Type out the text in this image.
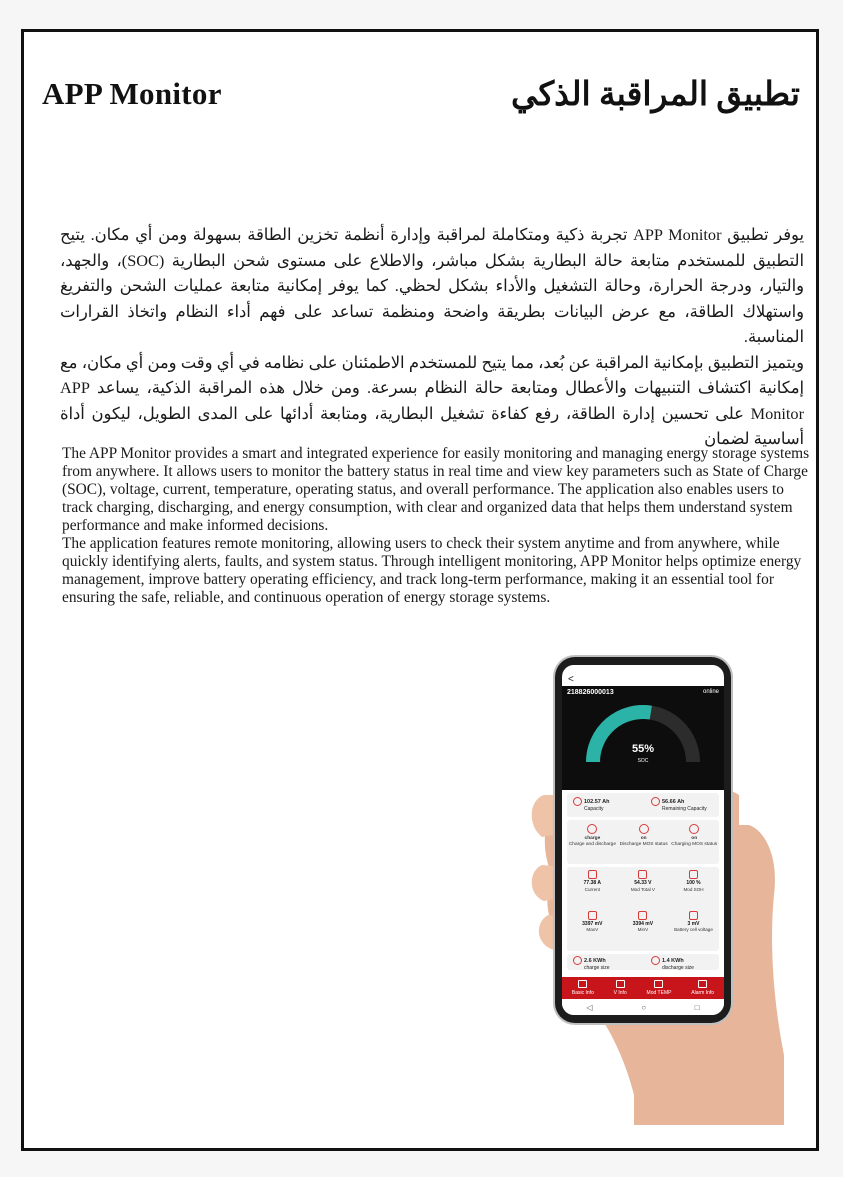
APP Monitor	تطبيق المراقبة الذكي

يوفر تطبيق APP Monitor تجربة ذكية ومتكاملة لمراقبة وإدارة أنظمة تخزين الطاقة بسهولة ومن أي مكان. يتيح التطبيق للمستخدم متابعة حالة البطارية بشكل مباشر، والاطلاع على مستوى شحن البطارية (SOC)، والجهد، والتيار، ودرجة الحرارة، وحالة التشغيل والأداء بشكل لحظي. كما يوفر إمكانية متابعة عمليات الشحن والتفريغ واستهلاك الطاقة، مع عرض البيانات بطريقة واضحة ومنظمة تساعد على فهم أداء النظام واتخاذ القرارات المناسبة.

ويتميز التطبيق بإمكانية المراقبة عن بُعد، مما يتيح للمستخدم الاطمئنان على نظامه في أي وقت ومن أي مكان، مع إمكانية اكتشاف التنبيهات والأعطال ومتابعة حالة النظام بسرعة. ومن خلال هذه المراقبة الذكية، يساعد APP Monitor على تحسين إدارة الطاقة، رفع كفاءة تشغيل البطارية، ومتابعة أدائها على المدى الطويل، ليكون أداة أساسية لضمان

The APP Monitor provides a smart and integrated experience for easily monitoring and managing energy storage systems from anywhere. It allows users to monitor the battery status in real time and view key parameters such as State of Charge (SOC), voltage, current, temperature, operating status, and overall performance. The application also enables users to track charging, discharging, and energy consumption, with clear and organized data that helps them understand system performance and make informed decisions.

The application features remote monitoring, allowing users to check their system anytime and from anywhere, while quickly identifying alerts, faults, and system status. Through intelligent monitoring, APP Monitor helps optimize energy management, improve battery operating efficiency, and track long-term performance, making it an essential tool for ensuring the safe, reliable, and continuous operation of energy storage systems.

<
218826000013	online
55%
SOC
102.57 Ah
Capacity
56.66 Ah
Remaining Capacity
charge
Charge and discharge
on
Discharge MOS status
on
Charging MOS status
77.38 A
Current
54.33 V
Mod Total V
100 %
Mod SOH
3397 mV
MaxV
3394 mV
MinV
3 mV
Battery cell voltage
2.6 KWh
charge size
1.4 KWh
discharge size
Basic Info	V Info	Mod TEMP	Alarm Info
◁	○	□
